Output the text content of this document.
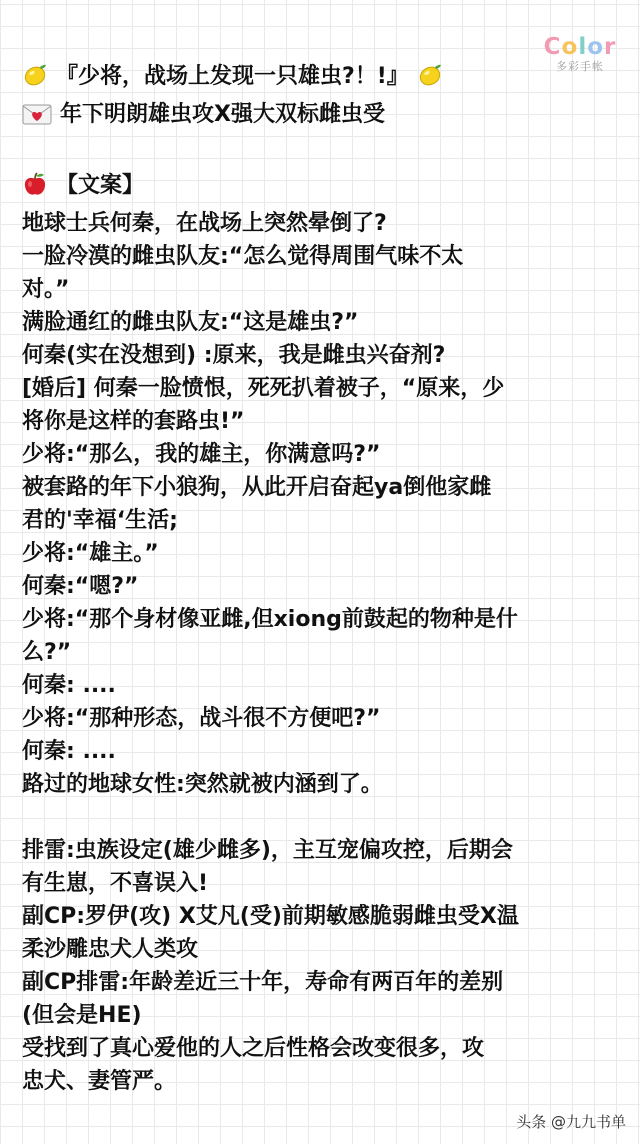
Color
多彩手帐
『少将，战场上发现一只雄虫?！!』
年下明朗雄虫攻X强大双标雌虫受
【文案】
地球士兵何秦，在战场上突然晕倒了?
一脸冷漠的雌虫队友:“怎么觉得周围气味不太
对。”
满脸通红的雌虫队友:“这是雄虫?”
何秦(实在没想到) :原来，我是雌虫兴奋剂?
[婚后] 何秦一脸愤恨，死死扒着被子，“原来，少
将你是这样的套路虫!”
少将:“那么，我的雄主，你满意吗?”
被套路的年下小狼狗，从此开启奋起ya倒他家雌
君的'幸福‘生活;
少将:“雄主。”
何秦:“嗯?”
少将:“那个身材像亚雌,但xiong前鼓起的物种是什
么?”
何秦: ....
少将:“那种形态，战斗很不方便吧?”
何秦: ....
路过的地球女性:突然就被内涵到了。
排雷:虫族设定(雄少雌多)，主互宠偏攻控，后期会
有生崽，不喜误入!
副CP:罗伊(攻) X艾凡(受)前期敏感脆弱雌虫受X温
柔沙雕忠犬人类攻
副CP排雷:年龄差近三十年，寿命有两百年的差别
(但会是HE)
受找到了真心爱他的人之后性格会改变很多，攻
忠犬、妻管严。
头条 @九九书单
